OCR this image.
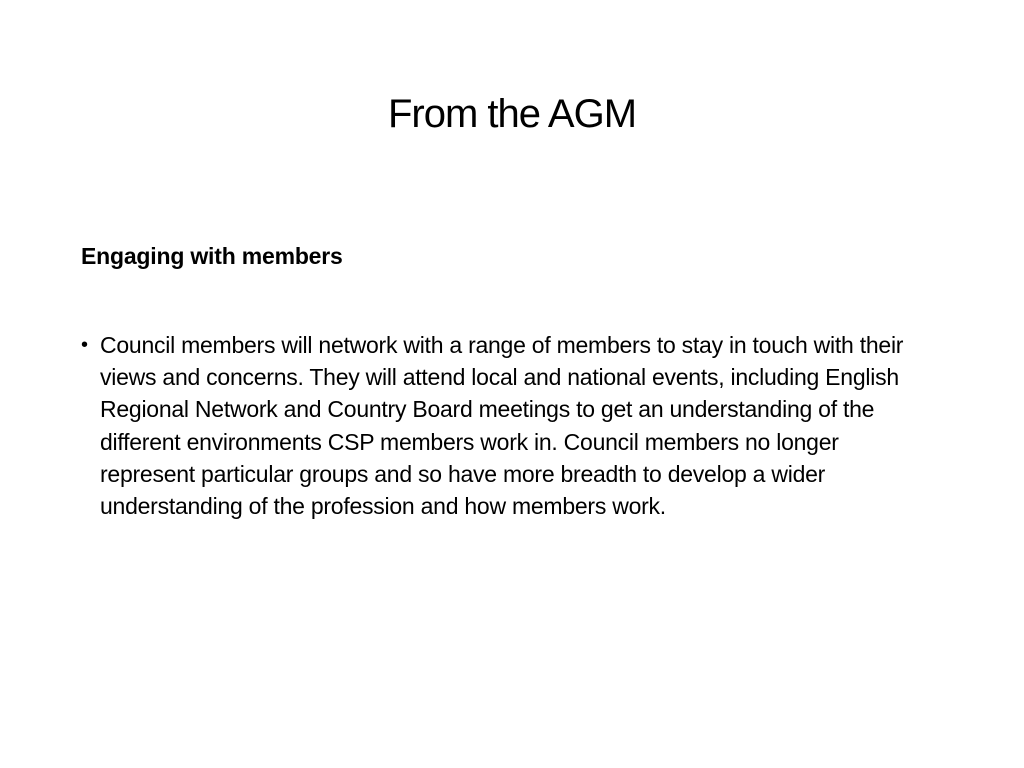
From the AGM
Engaging with members
• Council members will network with a range of members to stay in touch with their views and concerns. They will attend local and national events, including English Regional Network and Country Board meetings to get an understanding of the different environments CSP members work in. Council members no longer represent particular groups and so have more breadth to develop a wider understanding of the profession and how members work.
